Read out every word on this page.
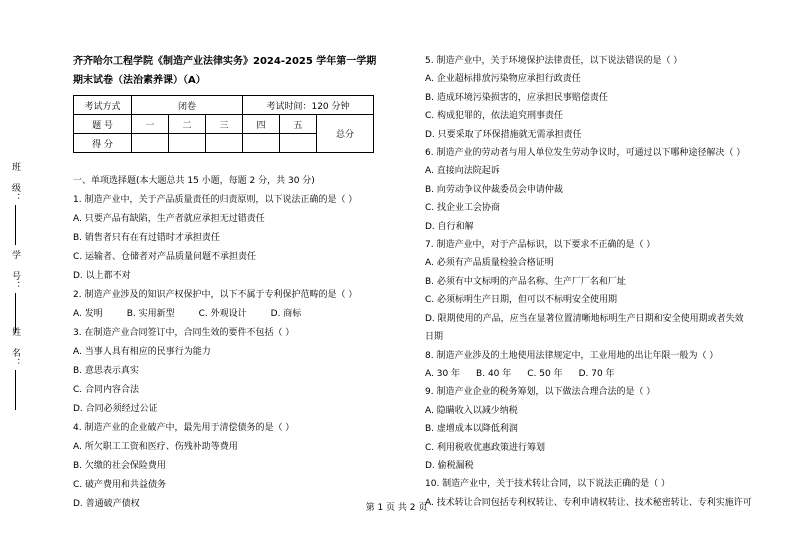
班 级：
学 号：
姓 名：
齐齐哈尔工程学院《制造产业法律实务》2024-2025 学年第一学期期末试卷（法治素养课）（A）
考试方式	闭卷			考试时间：120 分钟		
题 号	一	二	三	四	五	总分
得 分						
一、单项选择题(本大题总共 15 小题，每题 2 分，共 30 分)
1. 制造产业中，关于产品质量责任的归责原则，以下说法正确的是（ ）
A. 只要产品有缺陷，生产者就应承担无过错责任
B. 销售者只有在有过错时才承担责任
C. 运输者、仓储者对产品质量问题不承担责任
D. 以上都不对
2. 制造产业涉及的知识产权保护中，以下不属于专利保护范畴的是（ ）
A. 发明	B. 实用新型	C. 外观设计	D. 商标
3. 在制造产业合同签订中，合同生效的要件不包括（ ）
A. 当事人具有相应的民事行为能力
B. 意思表示真实
C. 合同内容合法
D. 合同必须经过公证
4. 制造产业的企业破产中，最先用于清偿债务的是（ ）
A. 所欠职工工资和医疗、伤残补助等费用
B. 欠缴的社会保险费用
C. 破产费用和共益债务
D. 普通破产债权
5. 制造产业中，关于环境保护法律责任，以下说法错误的是（ ）
A. 企业超标排放污染物应承担行政责任
B. 造成环境污染损害的，应承担民事赔偿责任
C. 构成犯罪的，依法追究刑事责任
D. 只要采取了环保措施就无需承担责任
6. 制造产业的劳动者与用人单位发生劳动争议时，可通过以下哪种途径解决（ ）
A. 直接向法院起诉
B. 向劳动争议仲裁委员会申请仲裁
C. 找企业工会协商
D. 自行和解
7. 制造产业中，对于产品标识，以下要求不正确的是（ ）
A. 必须有产品质量检验合格证明
B. 必须有中文标明的产品名称、生产厂厂名和厂址
C. 必须标明生产日期，但可以不标明安全使用期
D. 限期使用的产品，应当在显著位置清晰地标明生产日期和安全使用期或者失效日期
8. 制造产业涉及的土地使用法律规定中，工业用地的出让年限一般为（ ）
A. 30 年 B. 40 年 C. 50 年 D. 70 年
9. 制造产业企业的税务筹划，以下做法合理合法的是（ ）
A. 隐瞒收入以减少纳税
B. 虚增成本以降低利润
C. 利用税收优惠政策进行筹划
D. 偷税漏税
10. 制造产业中，关于技术转让合同，以下说法正确的是（ ）
A. 技术转让合同包括专利权转让、专利申请权转让、技术秘密转让、专利实施许可
第 1 页 共 2 页
